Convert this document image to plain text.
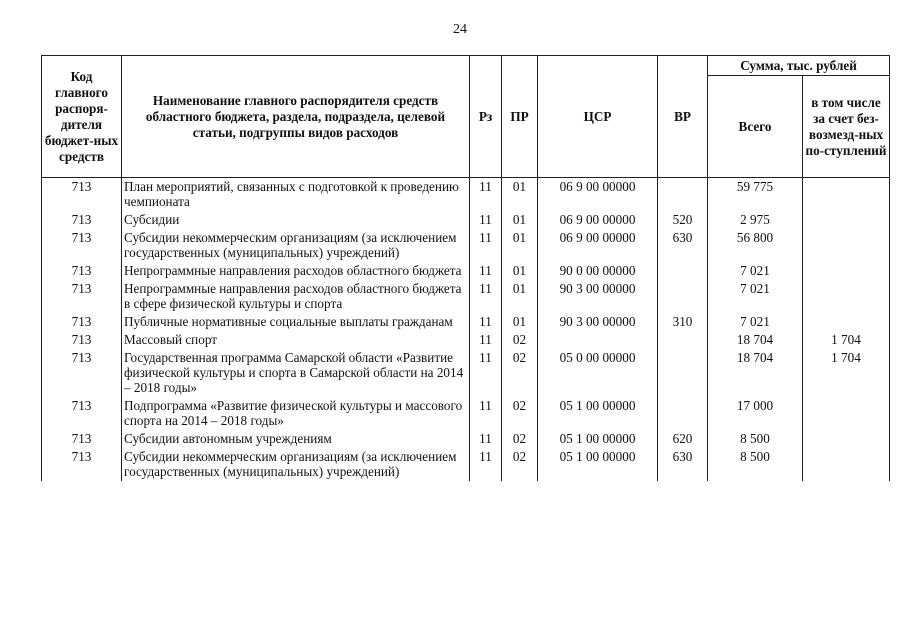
24
Код главного распоря-дителя бюджет-ных средств	Наименование главного распорядителя средств областного бюджета, раздела, подраздела, целевой статьи, подгруппы видов расходов	Рз	ПР	ЦСР	ВР	Сумма, тыс. рублей	
						Всего	в том числе за счет без-возмезд-ных по-ступлений
713	План мероприятий, связанных с подготовкой к проведению чемпионата	11	01	06 9 00 00000		59 775	
713	Субсидии	11	01	06 9 00 00000	520	2 975	
713	Субсидии некоммерческим организациям (за исключением государственных (муниципальных) учреждений)	11	01	06 9 00 00000	630	56 800	
713	Непрограммные направления расходов областного бюджета	11	01	90 0 00 00000		7 021	
713	Непрограммные направления расходов областного бюджета в сфере физической культуры и спорта	11	01	90 3 00 00000		7 021	
713	Публичные нормативные социальные выплаты гражданам	11	01	90 3 00 00000	310	7 021	
713	Массовый спорт	11	02			18 704	1 704
713	Государственная программа Самарской области «Развитие физической культуры и спорта в Самарской области на 2014 – 2018 годы»	11	02	05 0 00 00000		18 704	1 704
713	Подпрограмма «Развитие физической культуры и массового спорта на 2014 – 2018 годы»	11	02	05 1 00 00000		17 000	
713	Субсидии автономным учреждениям	11	02	05 1 00 00000	620	8 500	
713	Субсидии некоммерческим организациям (за исключением государственных (муниципальных) учреждений)	11	02	05 1 00 00000	630	8 500	
